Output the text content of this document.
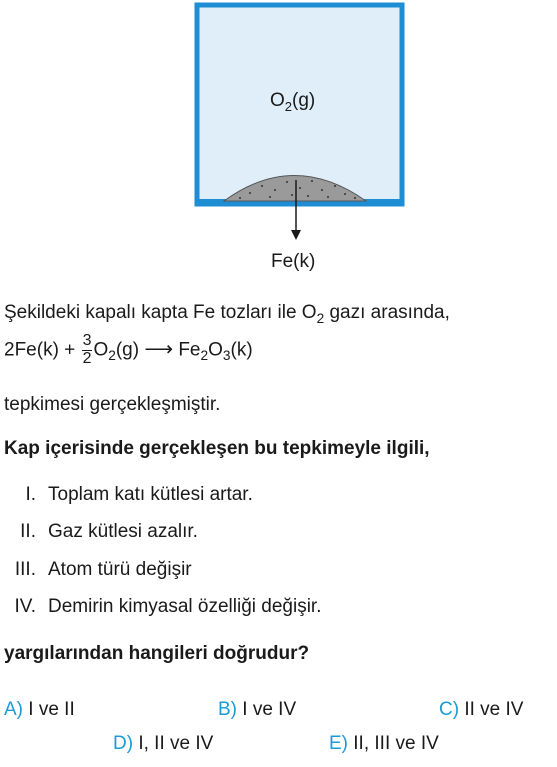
$O_2(g)$
Fe(k)
Şekildeki kapalı kapta Fe tozları ile $O_2$ gazı arasında,
$2Fe(k) + \frac{3}{2} O_2(g)$ ⟶ $Fe_2O_3(k)$
tepkimesi gerçekleşmiştir.
Kap içerisinde gerçekleşen bu tepkimeyle ilgili,
I. Toplam katı kütlesi artar.
II. Gaz kütlesi azalır.
III. Atom türü değişir
IV. Demirin kimyasal özelliği değişir.
yargılarından hangileri doğrudur?
A) I ve II	B) I ve IV	C) II ve IV
D) I, II ve IV	E) II, III ve IV
